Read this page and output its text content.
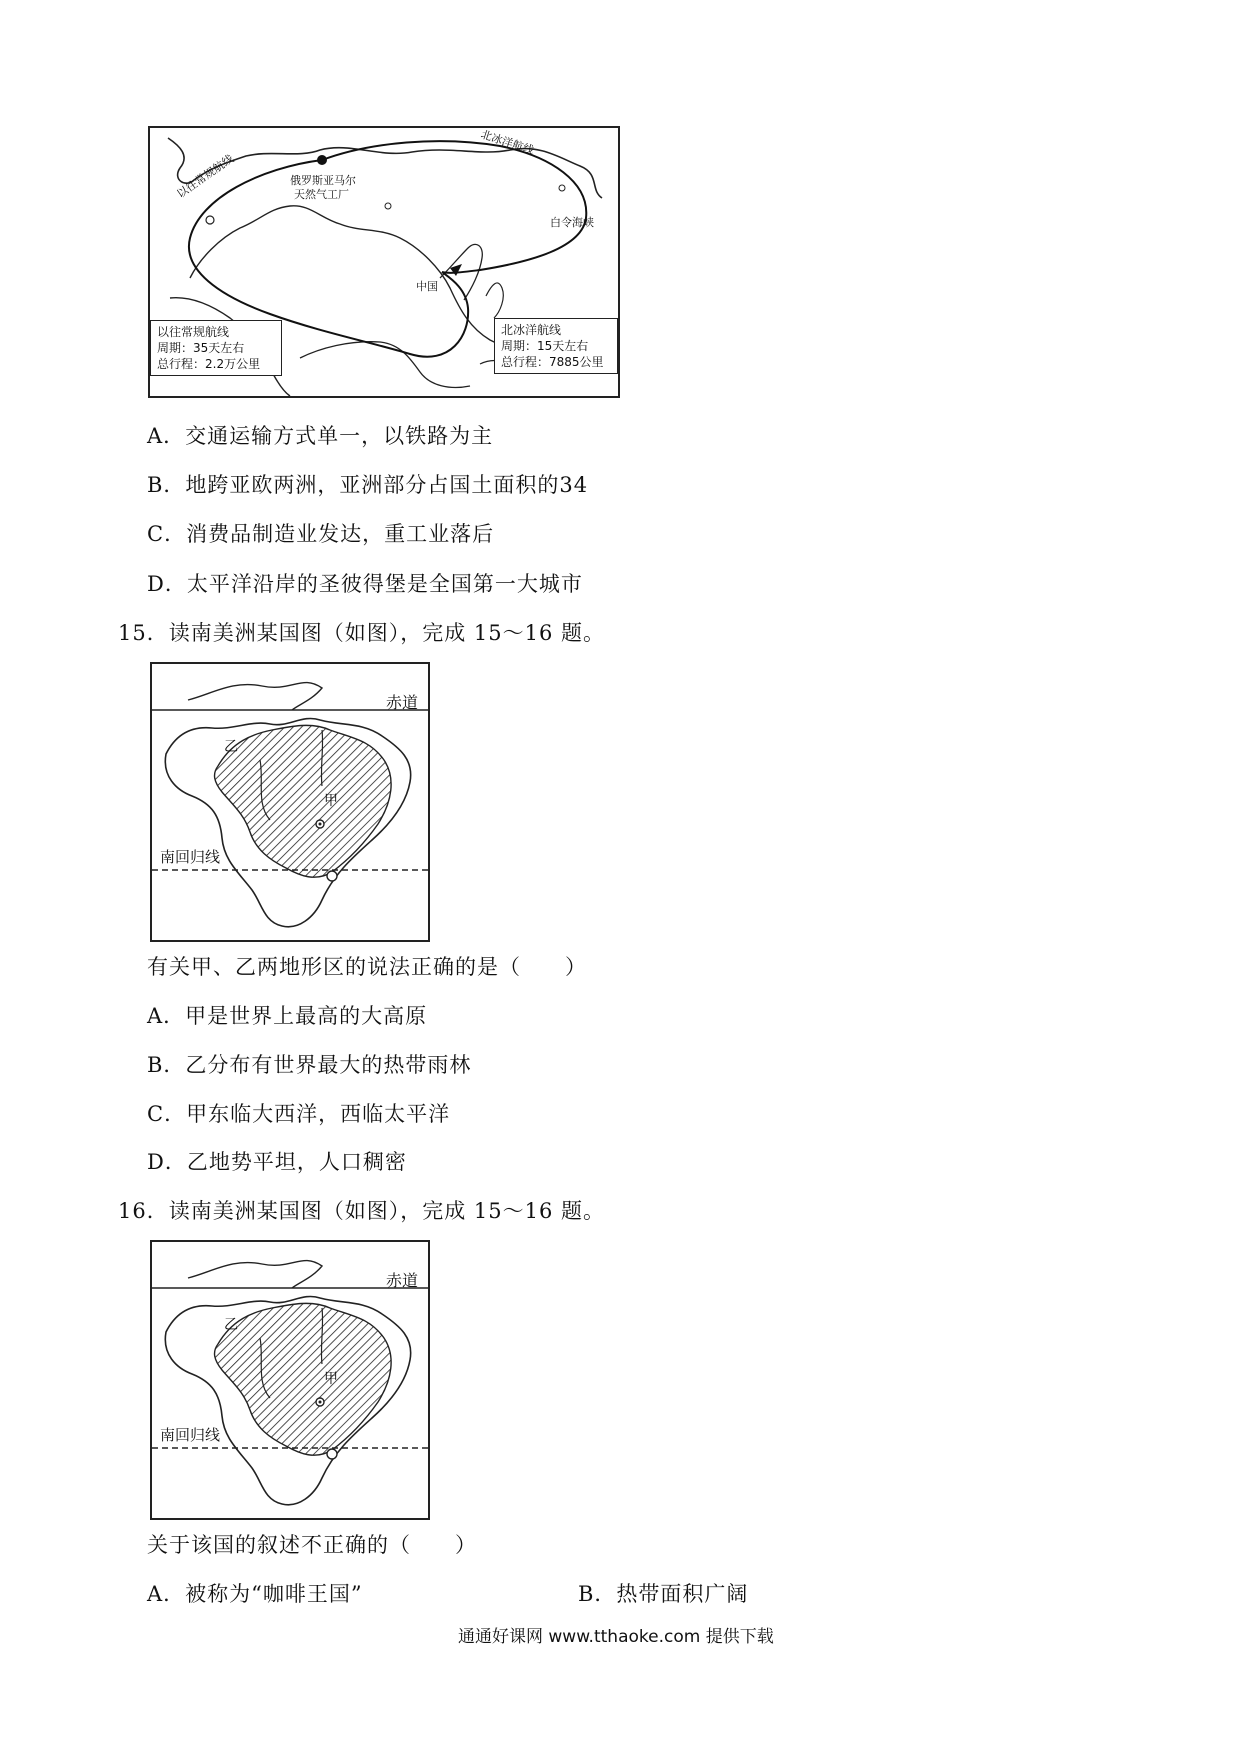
以往常规航线
北冰洋航线
俄罗斯亚马尔
天然气工厂
白令海峡
中国
以往常规航线
周期：35天左右
总行程：2.2万公里
北冰洋航线
周期：15天左右
总行程：7885公里
A．交通运输方式单一，以铁路为主
B．地跨亚欧两洲，亚洲部分占国土面积的34
C．消费品制造业发达，重工业落后
D．太平洋沿岸的圣彼得堡是全国第一大城市
15．读南美洲某国图（如图），完成 15～16 题。
赤道
南回归线
甲
乙
有关甲、乙两地形区的说法正确的是（　　）
A．甲是世界上最高的大高原
B．乙分布有世界最大的热带雨林
C．甲东临大西洋，西临太平洋
D．乙地势平坦，人口稠密
16．读南美洲某国图（如图），完成 15～16 题。
赤道
南回归线
甲
乙
关于该国的叙述不正确的（　　）
A．被称为“咖啡王国”	B．热带面积广阔
通通好课网 www.tthaoke.com 提供下载
